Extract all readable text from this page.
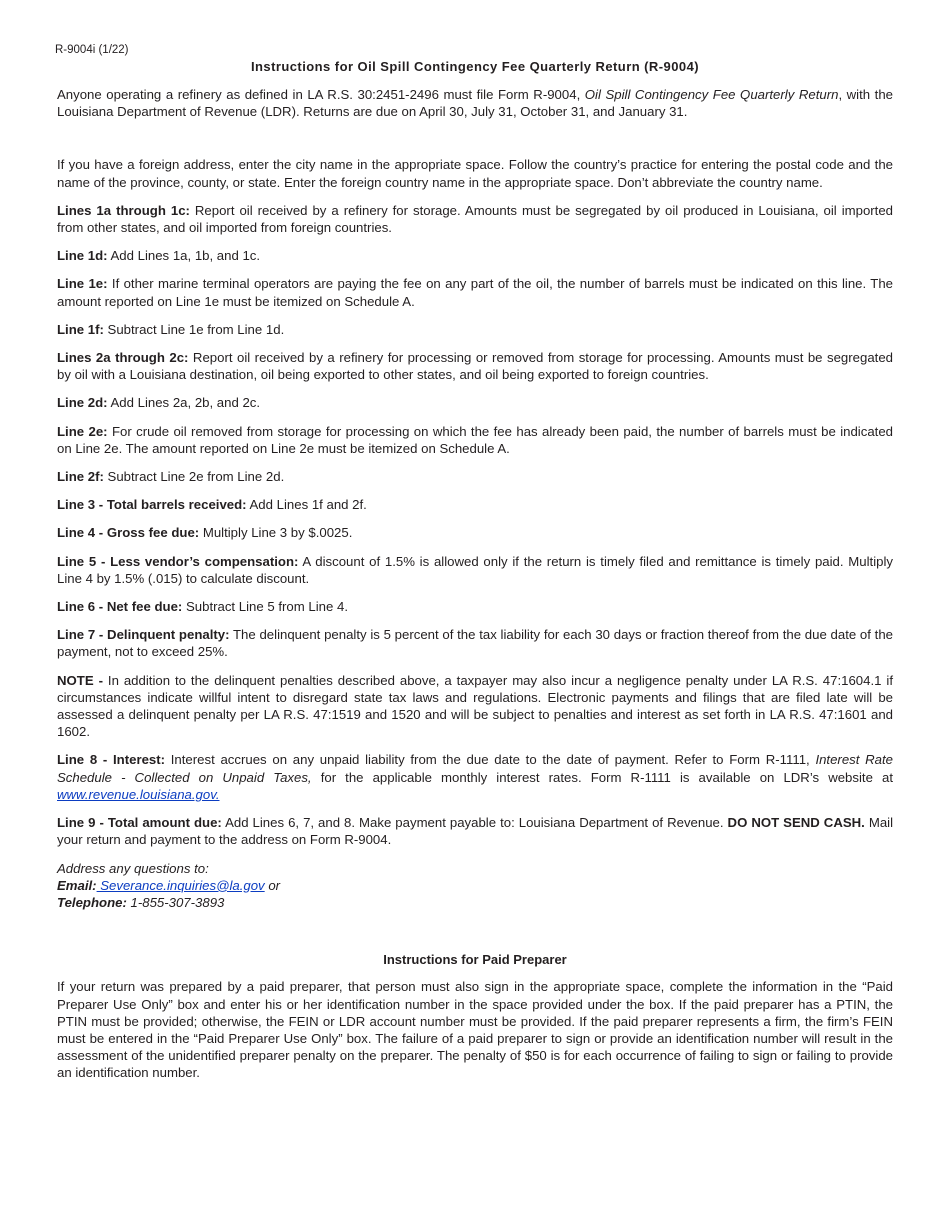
R-9004i (1/22)
Instructions for Oil Spill Contingency Fee Quarterly Return (R-9004)

Anyone operating a refinery as defined in LA R.S. 30:2451-2496 must file Form R-9004, Oil Spill Contingency Fee Quarterly Return, with the Louisiana Department of Revenue (LDR). Returns are due on April 30, July 31, October 31, and January 31.

If you have a foreign address, enter the city name in the appropriate space. Follow the country’s practice for entering the postal code and the name of the province, county, or state. Enter the foreign country name in the appropriate space. Don’t abbreviate the country name.

Lines 1a through 1c: Report oil received by a refinery for storage. Amounts must be segregated by oil produced in Louisiana, oil imported from other states, and oil imported from foreign countries.

Line 1d: Add Lines 1a, 1b, and 1c.

Line 1e: If other marine terminal operators are paying the fee on any part of the oil, the number of barrels must be indicated on this line. The amount reported on Line 1e must be itemized on Schedule A.

Line 1f: Subtract Line 1e from Line 1d.

Lines 2a through 2c: Report oil received by a refinery for processing or removed from storage for processing. Amounts must be segregated by oil with a Louisiana destination, oil being exported to other states, and oil being exported to foreign countries.

Line 2d: Add Lines 2a, 2b, and 2c.

Line 2e: For crude oil removed from storage for processing on which the fee has already been paid, the number of barrels must be indicated on Line 2e. The amount reported on Line 2e must be itemized on Schedule A.

Line 2f: Subtract Line 2e from Line 2d.

Line 3 - Total barrels received: Add Lines 1f and 2f.

Line 4 - Gross fee due: Multiply Line 3 by $.0025.

Line 5 - Less vendor’s compensation: A discount of 1.5% is allowed only if the return is timely filed and remittance is timely paid. Multiply Line 4 by 1.5% (.015) to calculate discount.

Line 6 - Net fee due: Subtract Line 5 from Line 4.

Line 7 - Delinquent penalty: The delinquent penalty is 5 percent of the tax liability for each 30 days or fraction thereof from the due date of the payment, not to exceed 25%.

NOTE - In addition to the delinquent penalties described above, a taxpayer may also incur a negligence penalty under LA R.S. 47:1604.1 if circumstances indicate willful intent to disregard state tax laws and regulations. Electronic payments and filings that are filed late will be assessed a delinquent penalty per LA R.S. 47:1519 and 1520 and will be subject to penalties and interest as set forth in LA R.S. 47:1601 and 1602.

Line 8 - Interest: Interest accrues on any unpaid liability from the due date to the date of payment. Refer to Form R-1111, Interest Rate Schedule - Collected on Unpaid Taxes, for the applicable monthly interest rates. Form R-1111 is available on LDR’s website at www.revenue.louisiana.gov.

Line 9 - Total amount due: Add Lines 6, 7, and 8. Make payment payable to: Louisiana Department of Revenue. DO NOT SEND CASH. Mail your return and payment to the address on Form R-9004.

Address any questions to:
Email: Severance.inquiries@la.gov or
Telephone: 1-855-307-3893
Instructions for Paid Preparer

If your return was prepared by a paid preparer, that person must also sign in the appropriate space, complete the information in the “Paid Preparer Use Only” box and enter his or her identification number in the space provided under the box. If the paid preparer has a PTIN, the PTIN must be provided; otherwise, the FEIN or LDR account number must be provided. If the paid preparer represents a firm, the firm’s FEIN must be entered in the “Paid Preparer Use Only” box. The failure of a paid preparer to sign or provide an identification number will result in the assessment of the unidentified preparer penalty on the preparer. The penalty of $50 is for each occurrence of failing to sign or failing to provide an identification number.
